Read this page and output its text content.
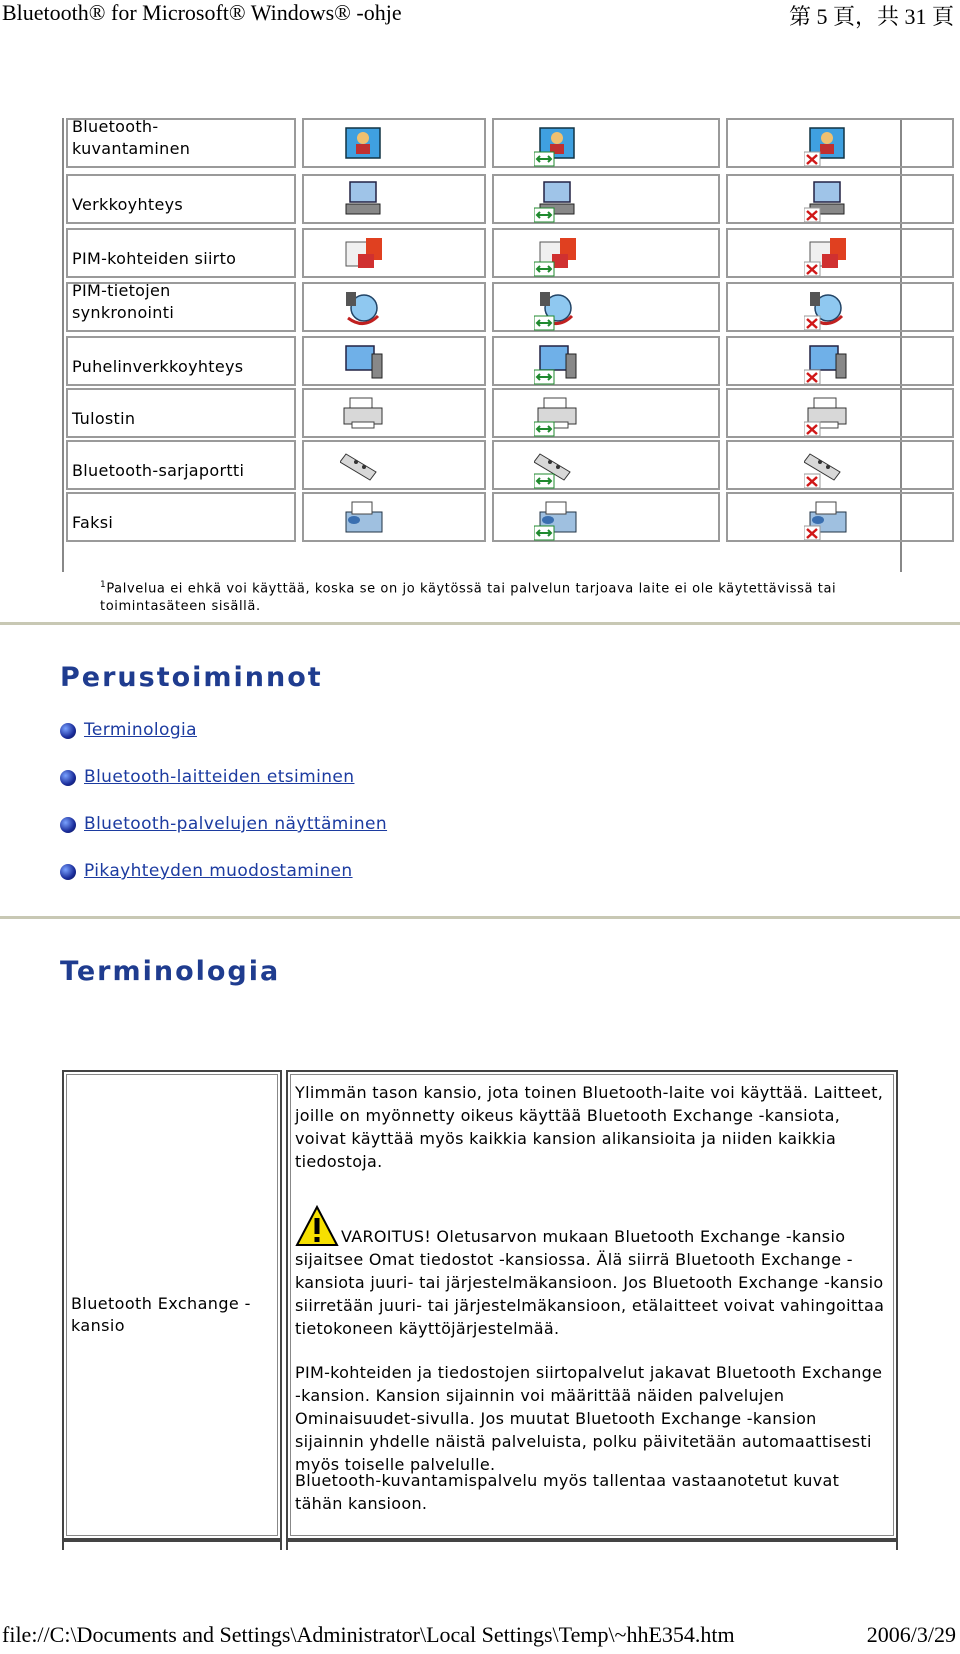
Bluetooth® for Microsoft® Windows® -ohje	第 5 頁，共 31 頁
Bluetooth-
kuvantaminen
Verkkoyhteys
PIM-kohteiden siirto
PIM-tietojen
synkronointi
Puhelinverkkoyhteys
Tulostin
Bluetooth-sarjaportti
Faksi
$^1$Palvelua ei ehkä voi käyttää, koska se on jo käytössä tai palvelun tarjoava laite ei ole käytettävissä tai toimintasäteen sisällä.
Perustoiminnot
Terminologia
Bluetooth-laitteiden etsiminen
Bluetooth-palvelujen näyttäminen
Pikayhteyden muodostaminen
Terminologia
Bluetooth Exchange -
kansio
Ylimmän tason kansio, jota toinen Bluetooth-laite voi käyttää. Laitteet, joille on myönnetty oikeus käyttää Bluetooth Exchange -kansiota, voivat käyttää myös kaikkia kansion alikansioita ja niiden kaikkia tiedostoja.
VAROITUS! Oletusarvon mukaan Bluetooth Exchange -kansio sijaitsee Omat tiedostot -kansiossa. Älä siirrä Bluetooth Exchange -kansiota juuri- tai järjestelmäkansioon. Jos Bluetooth Exchange -kansio siirretään juuri- tai järjestelmäkansioon, etälaitteet voivat vahingoittaa tietokoneen käyttöjärjestelmää.
PIM-kohteiden ja tiedostojen siirtopalvelut jakavat Bluetooth Exchange -kansion. Kansion sijainnin voi määrittää näiden palvelujen Ominaisuudet-sivulla. Jos muutat Bluetooth Exchange -kansion sijainnin yhdelle näistä palveluista, polku päivitetään automaattisesti myös toiselle palvelulle.
Bluetooth-kuvantamispalvelu myös tallentaa vastaanotetut kuvat tähän kansioon.
file://C:\Documents and Settings\Administrator\Local Settings\Temp\~hhE354.htm	2006/3/29
